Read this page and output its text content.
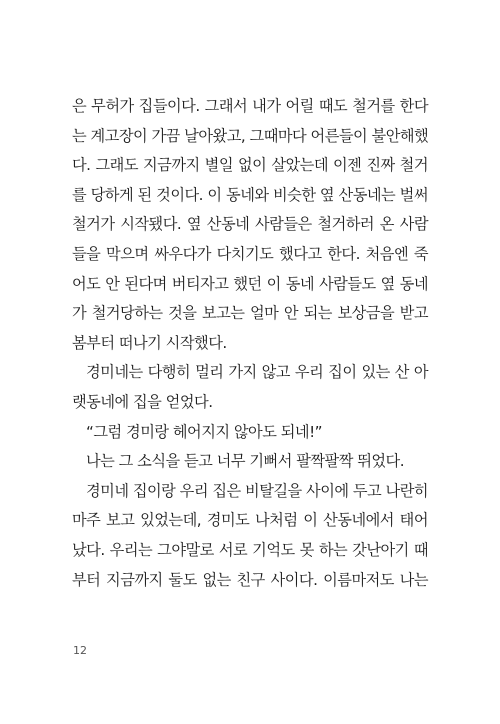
은 무허가 집들이다. 그래서 내가 어릴 때도 철거를 한다
는 계고장이 가끔 날아왔고, 그때마다 어른들이 불안해했
다. 그래도 지금까지 별일 없이 살았는데 이젠 진짜 철거
를 당하게 된 것이다. 이 동네와 비슷한 옆 산동네는 벌써
철거가 시작됐다. 옆 산동네 사람들은 철거하러 온 사람
들을 막으며 싸우다가 다치기도 했다고 한다. 처음엔 죽
어도 안 된다며 버티자고 했던 이 동네 사람들도 옆 동네
가 철거당하는 것을 보고는 얼마 안 되는 보상금을 받고
봄부터 떠나기 시작했다.
경미네는 다행히 멀리 가지 않고 우리 집이 있는 산 아
랫동네에 집을 얻었다.
“그럼 경미랑 헤어지지 않아도 되네!”
나는 그 소식을 듣고 너무 기뻐서 팔짝팔짝 뛰었다.
경미네 집이랑 우리 집은 비탈길을 사이에 두고 나란히
마주 보고 있었는데, 경미도 나처럼 이 산동네에서 태어
났다. 우리는 그야말로 서로 기억도 못 하는 갓난아기 때
부터 지금까지 둘도 없는 친구 사이다. 이름마저도 나는
12
